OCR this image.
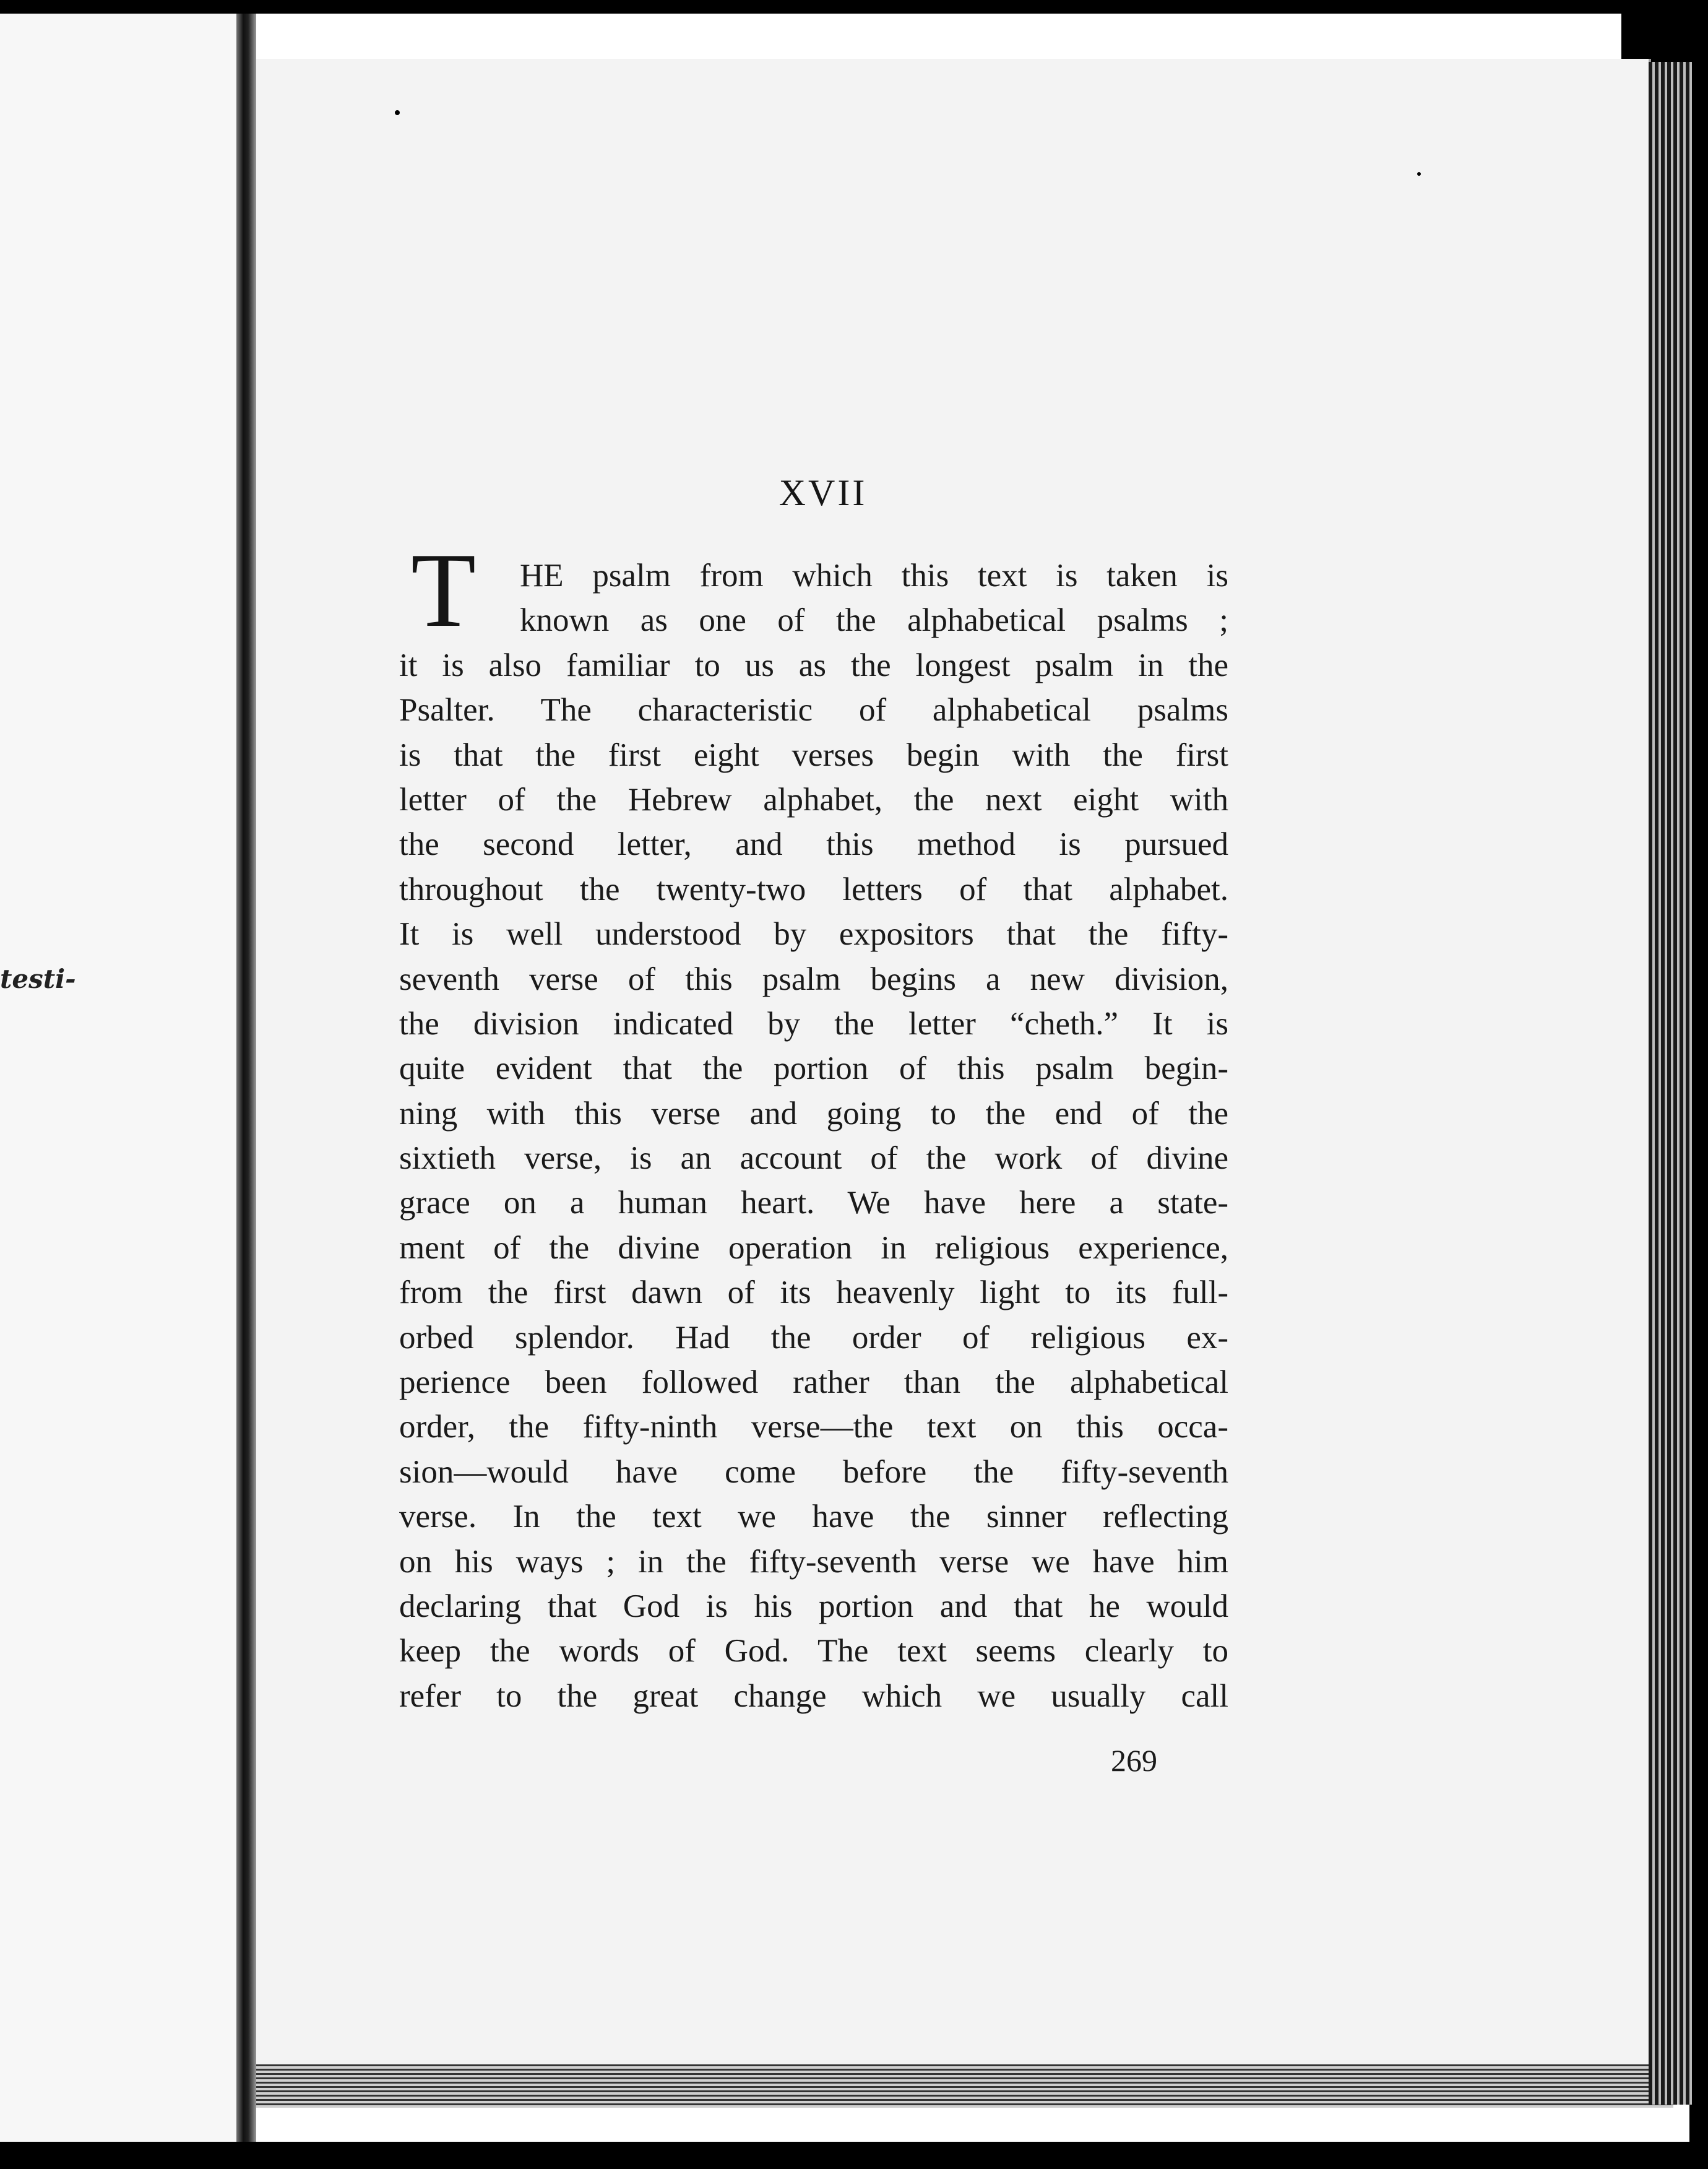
testi-
XVII
T	HE psalm from which this text is taken is
known as one of the alphabetical psalms ;
it is also familiar to us as the longest psalm in the
Psalter. The characteristic of alphabetical psalms
is that the first eight verses begin with the first
letter of the Hebrew alphabet, the next eight with
the second letter, and this method is pursued
throughout the twenty-two letters of that alphabet.
It is well understood by expositors that the fifty-
seventh verse of this psalm begins a new division,
the division indicated by the letter “cheth.” It is
quite evident that the portion of this psalm begin-
ning with this verse and going to the end of the
sixtieth verse, is an account of the work of divine
grace on a human heart. We have here a state-
ment of the divine operation in religious experience,
from the first dawn of its heavenly light to its full-
orbed splendor. Had the order of religious ex-
perience been followed rather than the alphabetical
order, the fifty-ninth verse—the text on this occa-
sion—would have come before the fifty-seventh
verse. In the text we have the sinner reflecting
on his ways ; in the fifty-seventh verse we have him
declaring that God is his portion and that he would
keep the words of God. The text seems clearly to
refer to the great change which we usually call
269
